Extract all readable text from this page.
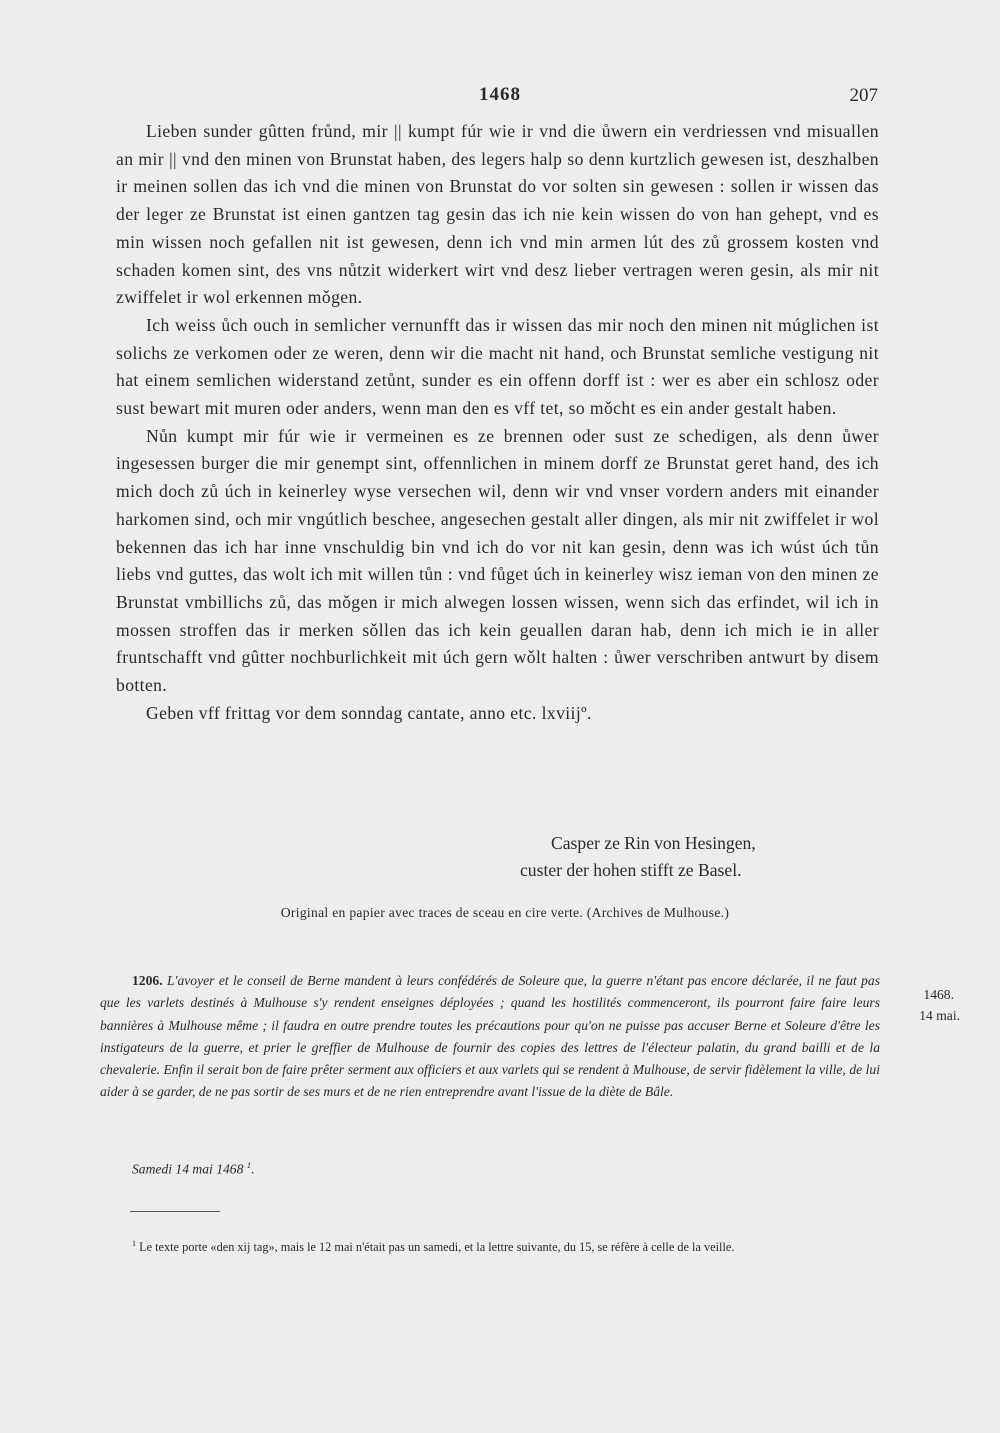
1468	207

Lieben sunder gûtten frůnd, mir || kumpt fúr wie ir vnd die ůwern ein verdriessen vnd misuallen an mir || vnd den minen von Brunstat haben, des legers halp so denn kurtzlich gewesen ist, deszhalben ir meinen sollen das ich vnd die minen von Brunstat do vor solten sin gewesen : sollen ir wissen das der leger ze Brunstat ist einen gantzen tag gesin das ich nie kein wissen do von han gehept, vnd es min wissen noch gefallen nit ist gewesen, denn ich vnd min armen lút des zů grossem kosten vnd schaden komen sint, des vns nůtzit widerkert wirt vnd desz lieber vertragen weren gesin, als mir nit zwiffelet ir wol erkennen mǒgen.

Ich weiss ůch ouch in semlicher vernunfft das ir wissen das mir noch den minen nit múglichen ist solichs ze verkomen oder ze weren, denn wir die macht nit hand, och Brunstat semliche vestigung nit hat einem semlichen widerstand zetůnt, sunder es ein offenn dorff ist : wer es aber ein schlosz oder sust bewart mit muren oder anders, wenn man den es vff tet, so mǒcht es ein ander gestalt haben.

Nůn kumpt mir fúr wie ir vermeinen es ze brennen oder sust ze schedigen, als denn ůwer ingesessen burger die mir genempt sint, offennlichen in minem dorff ze Brunstat geret hand, des ich mich doch zů úch in keinerley wyse versechen wil, denn wir vnd vnser vordern anders mit einander harkomen sind, och mir vngútlich beschee, angesechen gestalt aller dingen, als mir nit zwiffelet ir wol bekennen das ich har inne vnschuldig bin vnd ich do vor nit kan gesin, denn was ich wúst úch tůn liebs vnd guttes, das wolt ich mit willen tůn : vnd fůget úch in keinerley wisz ieman von den minen ze Brunstat vmbillichs zů, das mǒgen ir mich alwegen lossen wissen, wenn sich das erfindet, wil ich in mossen stroffen das ir merken sǒllen das ich kein geuallen daran hab, denn ich mich ie in aller fruntschafft vnd gûtter nochburlichkeit mit úch gern wǒlt halten : ůwer verschriben antwurt by disem botten.

Geben vff frittag vor dem sonndag cantate, anno etc. lxviijº.

Casper ze Rin von Hesingen,
custer der hohen stifft ze Basel.
Original en papier avec traces de sceau en cire verte. (Archives de Mulhouse.)
1206. L'avoyer et le conseil de Berne mandent à leurs confédérés de Soleure que, la guerre n'étant pas encore déclarée, il ne faut pas que les varlets destinés à Mulhouse s'y rendent enseignes déployées ; quand les hostilités commenceront, ils pourront faire faire leurs bannières à Mulhouse même ; il faudra en outre prendre toutes les précautions pour qu'on ne puisse pas accuser Berne et Soleure d'être les instigateurs de la guerre, et prier le greffier de Mulhouse de fournir des copies des lettres de l'électeur palatin, du grand bailli et de la chevalerie. Enfin il serait bon de faire prêter serment aux officiers et aux varlets qui se rendent à Mulhouse, de servir fidèlement la ville, de lui aider à se garder, de ne pas sortir de ses murs et de ne rien entreprendre avant l'issue de la diète de Bâle.
Samedi 14 mai 1468 $^1$.
1468.
14 mai.
$^1$ Le texte porte «den xij tag», mais le 12 mai n'était pas un samedi, et la lettre suivante, du 15, se réfère à celle de la veille.
